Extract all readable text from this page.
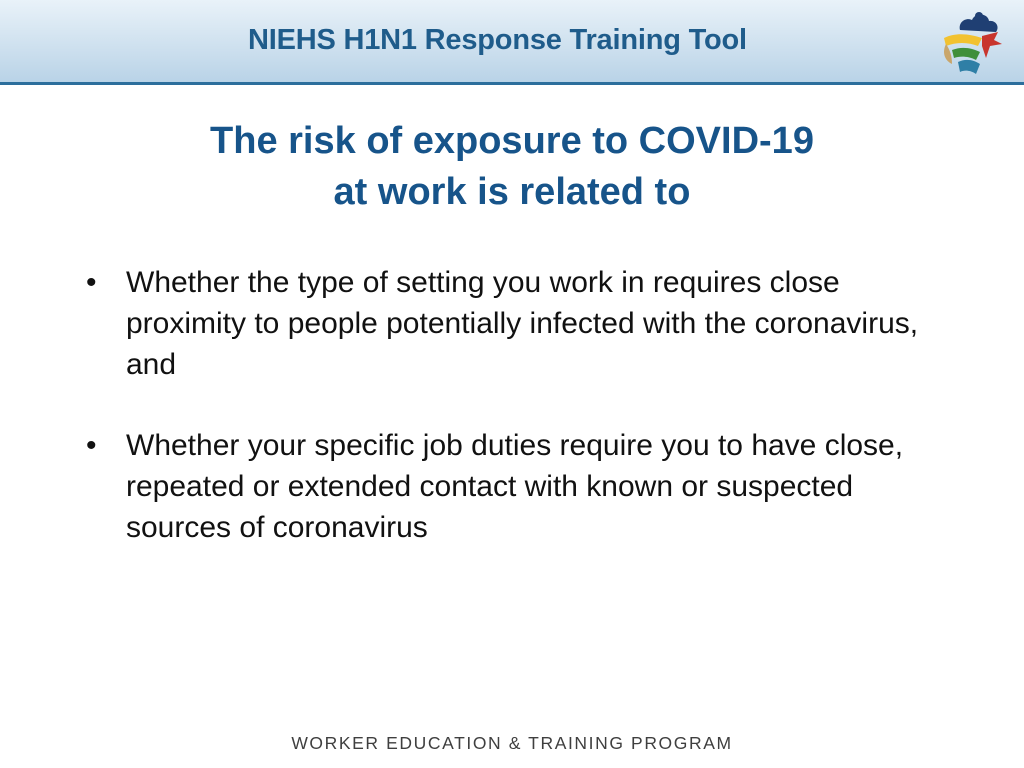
NIEHS H1N1 Response Training Tool
The risk of exposure to COVID-19
at work is related to
• Whether the type of setting you work in requires close proximity to people potentially infected with the coronavirus, and
• Whether your specific job duties require you to have close, repeated or extended contact with known or suspected sources of coronavirus
WORKER EDUCATION & TRAINING PROGRAM
